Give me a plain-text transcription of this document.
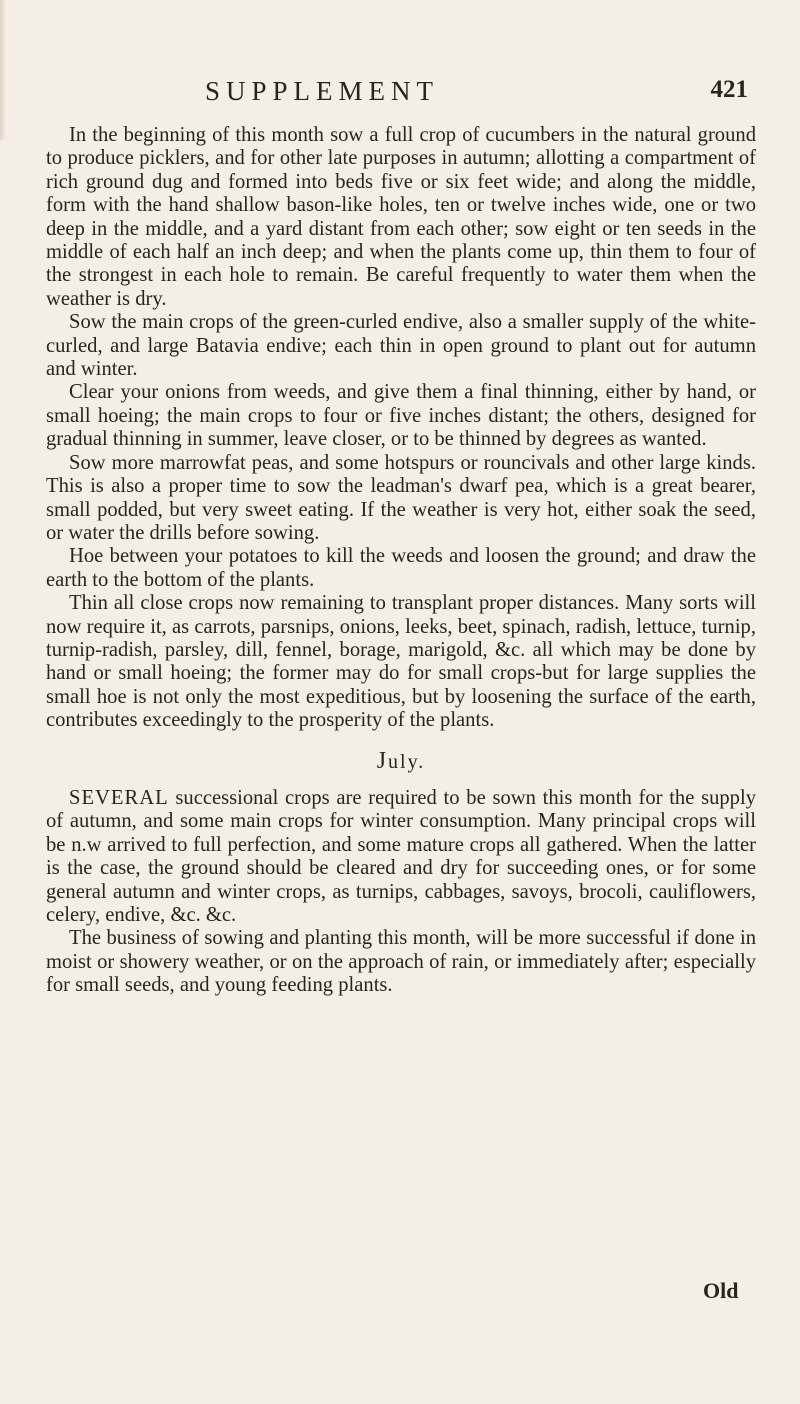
SUPPLEMENT	421

In the beginning of this month sow a full crop of cucumbers in the natural ground to produce picklers, and for other late purposes in autumn; allotting a compartment of rich ground dug and formed into beds five or six feet wide; and along the middle, form with the hand shallow bason-like holes, ten or twelve inches wide, one or two deep in the middle, and a yard distant from each other; sow eight or ten seeds in the middle of each half an inch deep; and when the plants come up, thin them to four of the strongest in each hole to remain. Be careful frequently to water them when the weather is dry.

Sow the main crops of the green-curled endive, also a smaller supply of the white-curled, and large Batavia endive; each thin in open ground to plant out for autumn and winter.

Clear your onions from weeds, and give them a final thinning, either by hand, or small hoeing; the main crops to four or five inches distant; the others, designed for gradual thinning in summer, leave closer, or to be thinned by degrees as wanted.

Sow more marrowfat peas, and some hotspurs or rouncivals and other large kinds. This is also a proper time to sow the leadman's dwarf pea, which is a great bearer, small podded, but very sweet eating. If the weather is very hot, either soak the seed, or water the drills before sowing.

Hoe between your potatoes to kill the weeds and loosen the ground; and draw the earth to the bottom of the plants.

Thin all close crops now remaining to transplant proper distances. Many sorts will now require it, as carrots, parsnips, onions, leeks, beet, spinach, radish, lettuce, turnip, turnip-radish, parsley, dill, fennel, borage, marigold, &c. all which may be done by hand or small hoeing; the former may do for small crops-but for large supplies the small hoe is not only the most expeditious, but by loosening the surface of the earth, contributes exceedingly to the prosperity of the plants.

July.

SEVERAL successional crops are required to be sown this month for the supply of autumn, and some main crops for winter consumption. Many principal crops will be n.w arrived to full perfection, and some mature crops all gathered. When the latter is the case, the ground should be cleared and dry for succeeding ones, or for some general autumn and winter crops, as turnips, cabbages, savoys, brocoli, cauliflowers, celery, endive, &c. &c.

The business of sowing and planting this month, will be more successful if done in moist or showery weather, or on the approach of rain, or immediately after; especially for small seeds, and young feeding plants.

Old
